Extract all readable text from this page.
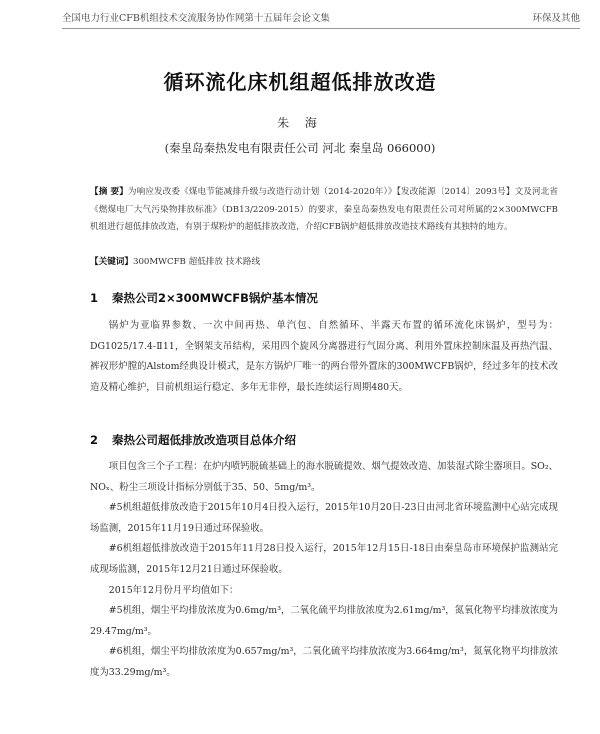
全国电力行业CFB机组技术交流服务协作网第十五届年会论文集	环保及其他
循环流化床机组超低排放改造
朱 海
(秦皇岛秦热发电有限责任公司 河北 秦皇岛 066000)
【摘 要】为响应发改委《煤电节能减排升级与改造行动计划（2014-2020年）》【发改能源〔2014〕2093号】文及河北省《燃煤电厂大气污染物排放标准》（DB13/2209-2015）的要求，秦皇岛秦热发电有限责任公司对所属的2×300MWCFB机组进行超低排放改造，有别于煤粉炉的超低排放改造，介绍CFB锅炉超低排放改造技术路线有其独特的地方。
【关键词】300MWCFB 超低排放 技术路线
1 秦热公司2×300MWCFB锅炉基本情况

锅炉为亚临界参数、一次中间再热、单汽包、自然循环、半露天布置的循环流化床锅炉，型号为：DG1025/17.4-Ⅱ11，全钢架支吊结构，采用四个旋风分离器进行气固分离、利用外置床控制床温及再热汽温、裤衩形炉膛的Alstom经典设计模式，是东方锅炉厂唯一的两台带外置床的300MWCFB锅炉，经过多年的技术改造及精心维护，目前机组运行稳定、多年无非停，最长连续运行周期480天。

2 秦热公司超低排放改造项目总体介绍

项目包含三个子工程：在炉内喷钙脱硫基础上的海水脱硫提效、烟气提效改造、加装湿式除尘器项目。SO₂、NOₓ、粉尘三项设计指标分别低于35、50、5mg/m³。

#5机组超低排放改造于2015年10月4日投入运行，2015年10月20日-23日由河北省环境监测中心站完成现场监测，2015年11月19日通过环保验收。

#6机组超低排放改造于2015年11月28日投入运行，2015年12月15日-18日由秦皇岛市环境保护监测站完成现场监测，2015年12月21日通过环保验收。

2015年12月份月平均值如下：

#5机组，烟尘平均排放浓度为0.6mg/m³，二氧化硫平均排放浓度为2.61mg/m³，氮氧化物平均排放浓度为29.47mg/m³。

#6机组，烟尘平均排放浓度为0.657mg/m³，二氧化硫平均排放浓度为3.664mg/m³，氮氧化物平均排放浓度为33.29mg/m³。
